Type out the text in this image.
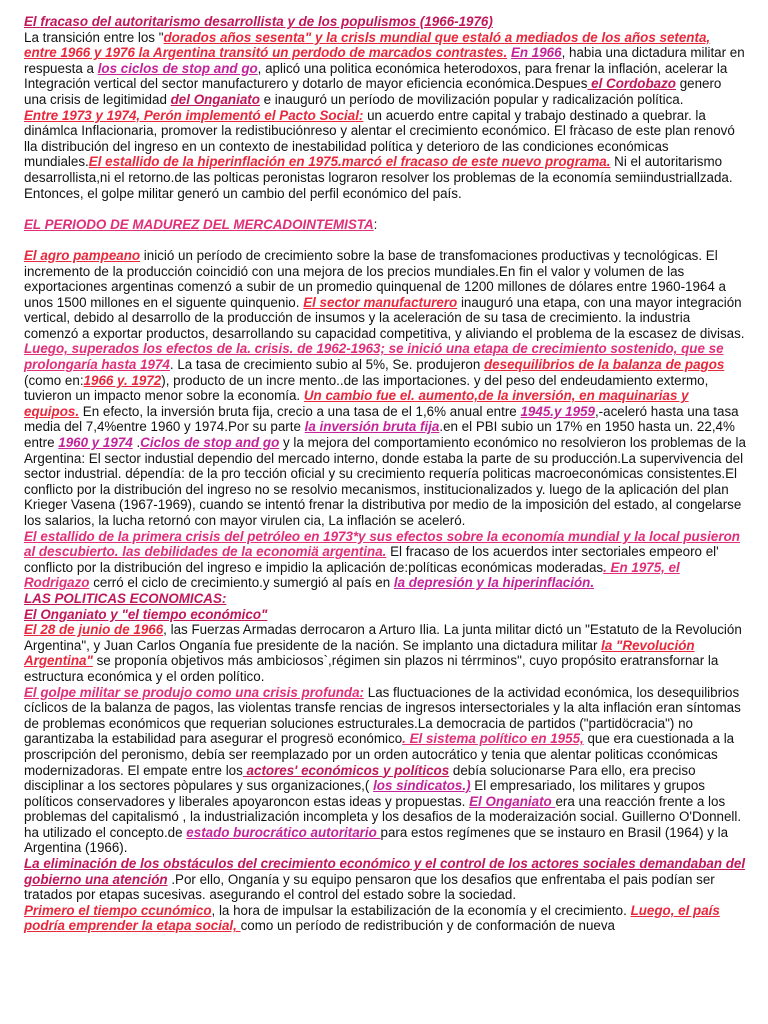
El fracaso del autoritarismo desarrollista y de los populismos (1966-1976)

La transición entre los "dorados años sesenta" y la crisls mundial que estaló a mediados de los años setenta, entre 1966 y 1976 la Argentina transitó un perdodo de marcados contrastes. En 1966, habia una dictadura militar en respuesta a los ciclos de stop and go, aplicó una politica económica heterodoxos, para frenar la inflación, acelerar la Integración vertical del sector manufacturero y dotarlo de mayor eficiencia económica.Despues el Cordobazo genero una crisis de legitimidad del Onganiato e inauguró un período de movilización popular y radicalización política.

Entre 1973 y 1974, Perón implementó el Pacto Social: un acuerdo entre capital y trabajo destinado a quebrar. la dinámlca Inflacionaria, promover la redistibuciónreso y alentar el crecimiento económico. El fràcaso de este plan renovó lla distribución del ingreso en un contexto de inestabilidad política y deterioro de las condiciones económicas mundiales.El estallido de la hiperinflación en 1975.marcó el fracaso de este nuevo programa. Ni el autoritarismo desarrollista,ni el retorno.de las polticas peronistas lograron resolver los problemas de la economía semiindustriallzada. Entonces, el golpe militar generó un cambio del perfil económico del país.

EL PERIODO DE MADUREZ DEL MERCADOINTEMISTA:

El agro pampeano inició un período de crecimiento sobre la base de transfomaciones productivas y tecnológicas. El incremento de la producción coincidió con una mejora de los precios mundiales.En fin el valor y volumen de las exportaciones argentinas comenzó a subir de un promedio quinquenal de 1200 millones de dólares entre 1960-1964 a unos 1500 millones en el siguente quinquenio. El sector manufacturero inauguró una etapa, con una mayor integración vertical, debido al desarrollo de la producción de insumos y la aceleración de su tasa de crecimiento. la industria comenzó a exportar productos, desarrollando su capacidad competitiva, y aliviando el problema de la escasez de divisas.

Luego, superados los efectos de la. crisis. de 1962-1963; se inició una etapa de crecimiento sostenido, que se prolongaría hasta 1974. La tasa de crecimiento subio al 5%, Se. produjeron desequilibrios de la balanza de pagos (como en:1966 y. 1972), producto de un incre mento..de las importaciones. y del peso del endeudamiento extermo, tuvieron un impacto menor sobre la economía. Un cambio fue el. aumento,de la inversión, en maquinarias y equipos. En efecto, la inversión bruta fija, crecio a una tasa de el 1,6% anual entre 1945.y 1959,-aceleró hasta una tasa media del 7,4%entre 1960 y 1974.Por su parte la inversión bruta fija.en el PBI subio un 17% en 1950 hasta un. 22,4% entre 1960 y 1974 .Ciclos de stop and go y la mejora del comportamiento económico no resolvieron los problemas de la Argentina: El sector industial dependio del mercado interno, donde estaba la parte de su producción.La supervivencia del sector industrial. dépendía: de la pro tección oficial y su crecimiento requería politicas macroeconómicas consistentes.El conflicto por la distribución del ingreso no se resolvio mecanismos, institucionalizados y. luego de la aplicación del plan Krieger Vasena (1967-1969), cuando se intentó frenar la distributiva por medio de la imposición del estado, al congelarse los salarios, la lucha retornó con mayor virulen cia, La inflación se aceleró.

El estallido de la primera crisis del petróleo en 1973*y sus efectos sobre la economía mundial y la local pusieron al descubierto. las debilidades de la economiä argentina. El fracaso de los acuerdos inter sectoriales empeoro el' conflicto por la distribución del ingreso e impidio la aplicación de:políticas económicas moderadas. En 1975, el Rodrigazo cerró el ciclo de crecimiento.y sumergió al país en la depresión y la hiperinflación.

LAS POLITICAS ECONOMICAS:

El Onganiato y "el tiempo económico"

El 28 de junio de 1966, las Fuerzas Armadas derrocaron a Arturo Ilia. La junta militar dictó un "Estatuto de la Revolución Argentina", y Juan Carlos Onganía fue presidente de la nación. Se implanto una dictadura militar la "Revolución Argentina" se proponía objetivos más ambiciosos`,régimen sin plazos ni térrminos", cuyo propósito eratransfornar la estructura económica y el orden político.

El golpe militar se produjo como una crisis profunda: Las fluctuaciones de la actividad económica, los desequilibrios cíclicos de la balanza de pagos, las violentas transfe rencias de ingresos intersectoriales y la alta inflación eran síntomas de problemas económicos que requerian soluciones estructurales.La democracia de partidos ("partidöcracia") no garantizaba la estabilidad para asegurar el progresö económico. El sistema político en 1955, que era cuestionada a la proscripción del peronismo, debía ser reemplazado por un orden autocrático y tenia que alentar politicas cconómicas modernizadoras. El empate entre los actores' económicos y políticos debía solucionarse Para ello, era preciso disciplinar a los sectores pòpulares y sus organizaciones,( los sindicatos.) El empresariado, los militares y grupos políticos conservadores y liberales apoyaroncon estas ideas y propuestas. El Onganiato era una reacción frente a los problemas del capitalismó , la industrialización incompleta y los desafios de la moderaización social. Guillerno O'Donnell. ha utilizado el concepto.de estado burocrático autoritario para estos regímenes que se instauro en Brasil (1964) y la Argentina (1966).

La eliminación de los obstáculos del crecimiento económico y el control de los actores sociales demandaban del gobierno una atención .Por ello, Onganía y su equipo pensaron que los desafios que enfrentaba el pais podían ser tratados por etapas sucesivas. asegurando el control del estado sobre la sociedad.

Primero el tiempo ccunómico, la hora de impulsar la estabilización de la economía y el crecimiento. Luego, el país podría emprender la etapa social, como un período de redistribución y de conformación de nueva
